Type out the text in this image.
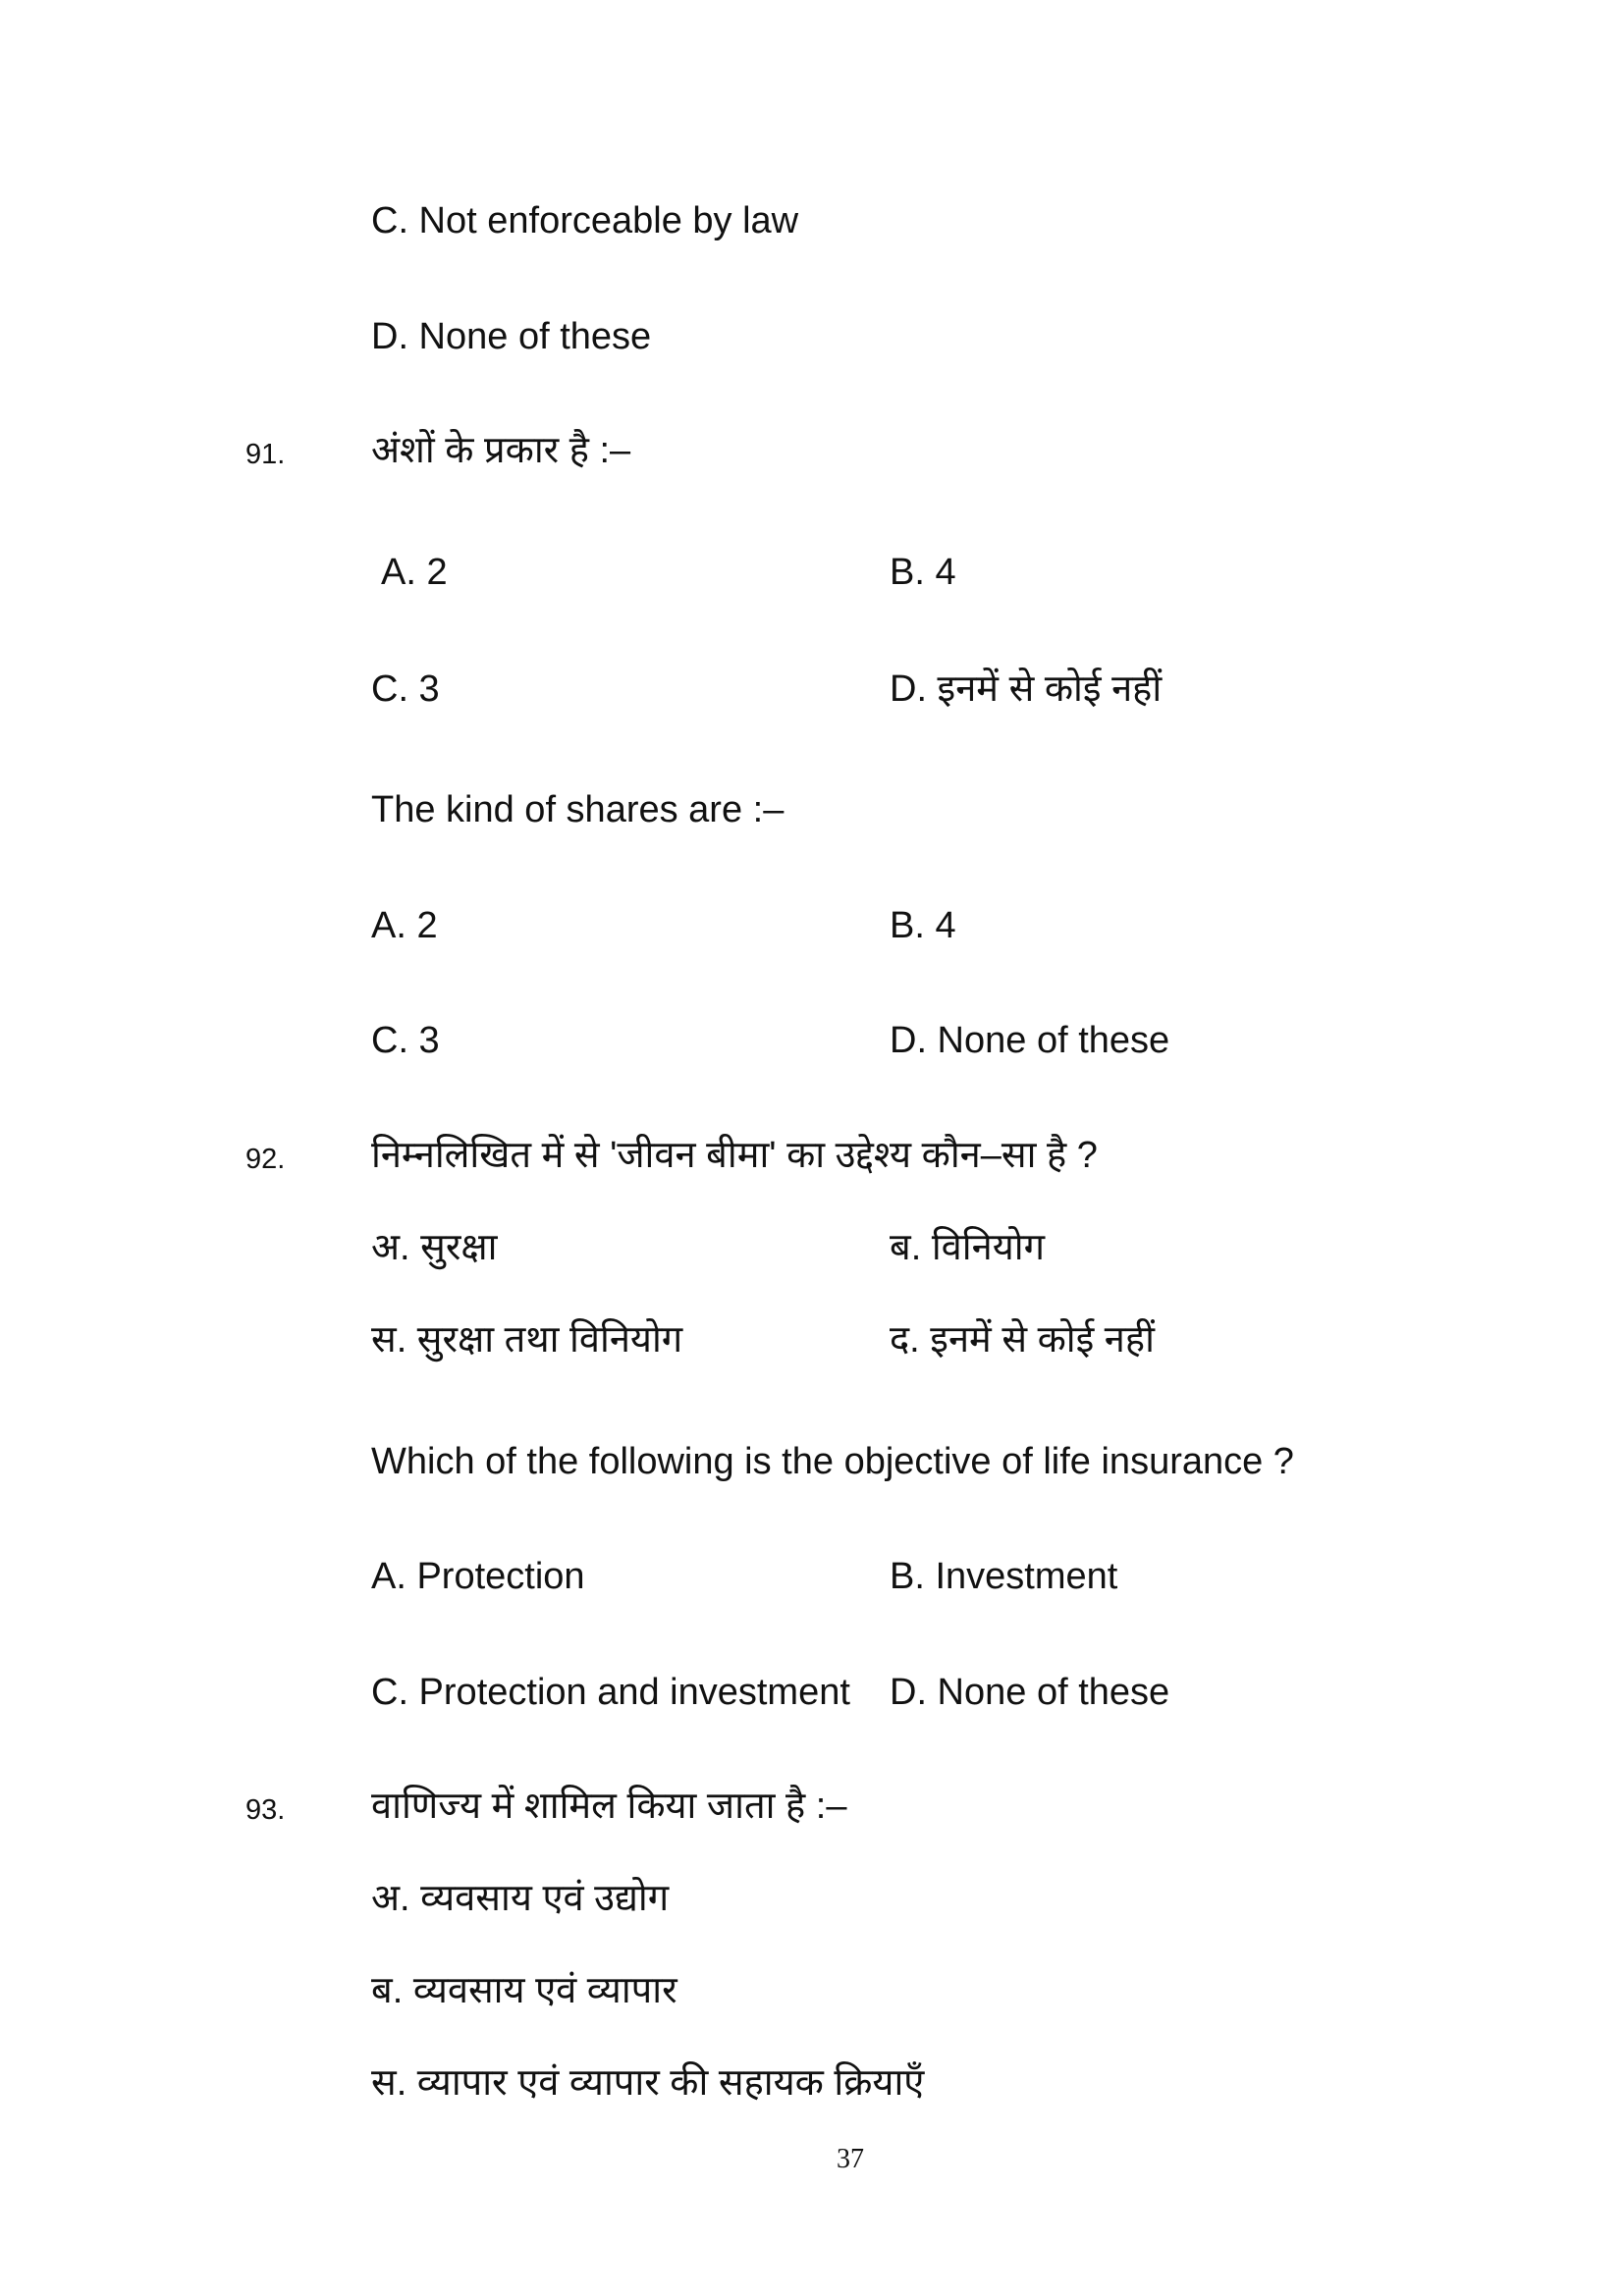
C. Not enforceable by law
D. None of these
91. अंशों के प्रकार है :–
A. 2	B. 4
C. 3	D. इनमें से कोई नहीं
The kind of shares are :–
A. 2	B. 4
C. 3	D. None of these
92. निम्नलिखित में से 'जीवन बीमा' का उद्देश्य कौन–सा है ?
अ. सुरक्षा	ब. विनियोग
स. सुरक्षा तथा विनियोग	द. इनमें से कोई नहीं
Which of the following is the objective of life insurance ?
A. Protection	B. Investment
C. Protection and investment D. None of these
93. वाणिज्य में शामिल किया जाता है :–
अ. व्यवसाय एवं उद्योग
ब. व्यवसाय एवं व्यापार
स. व्यापार एवं व्यापार की सहायक क्रियाएँ
37
